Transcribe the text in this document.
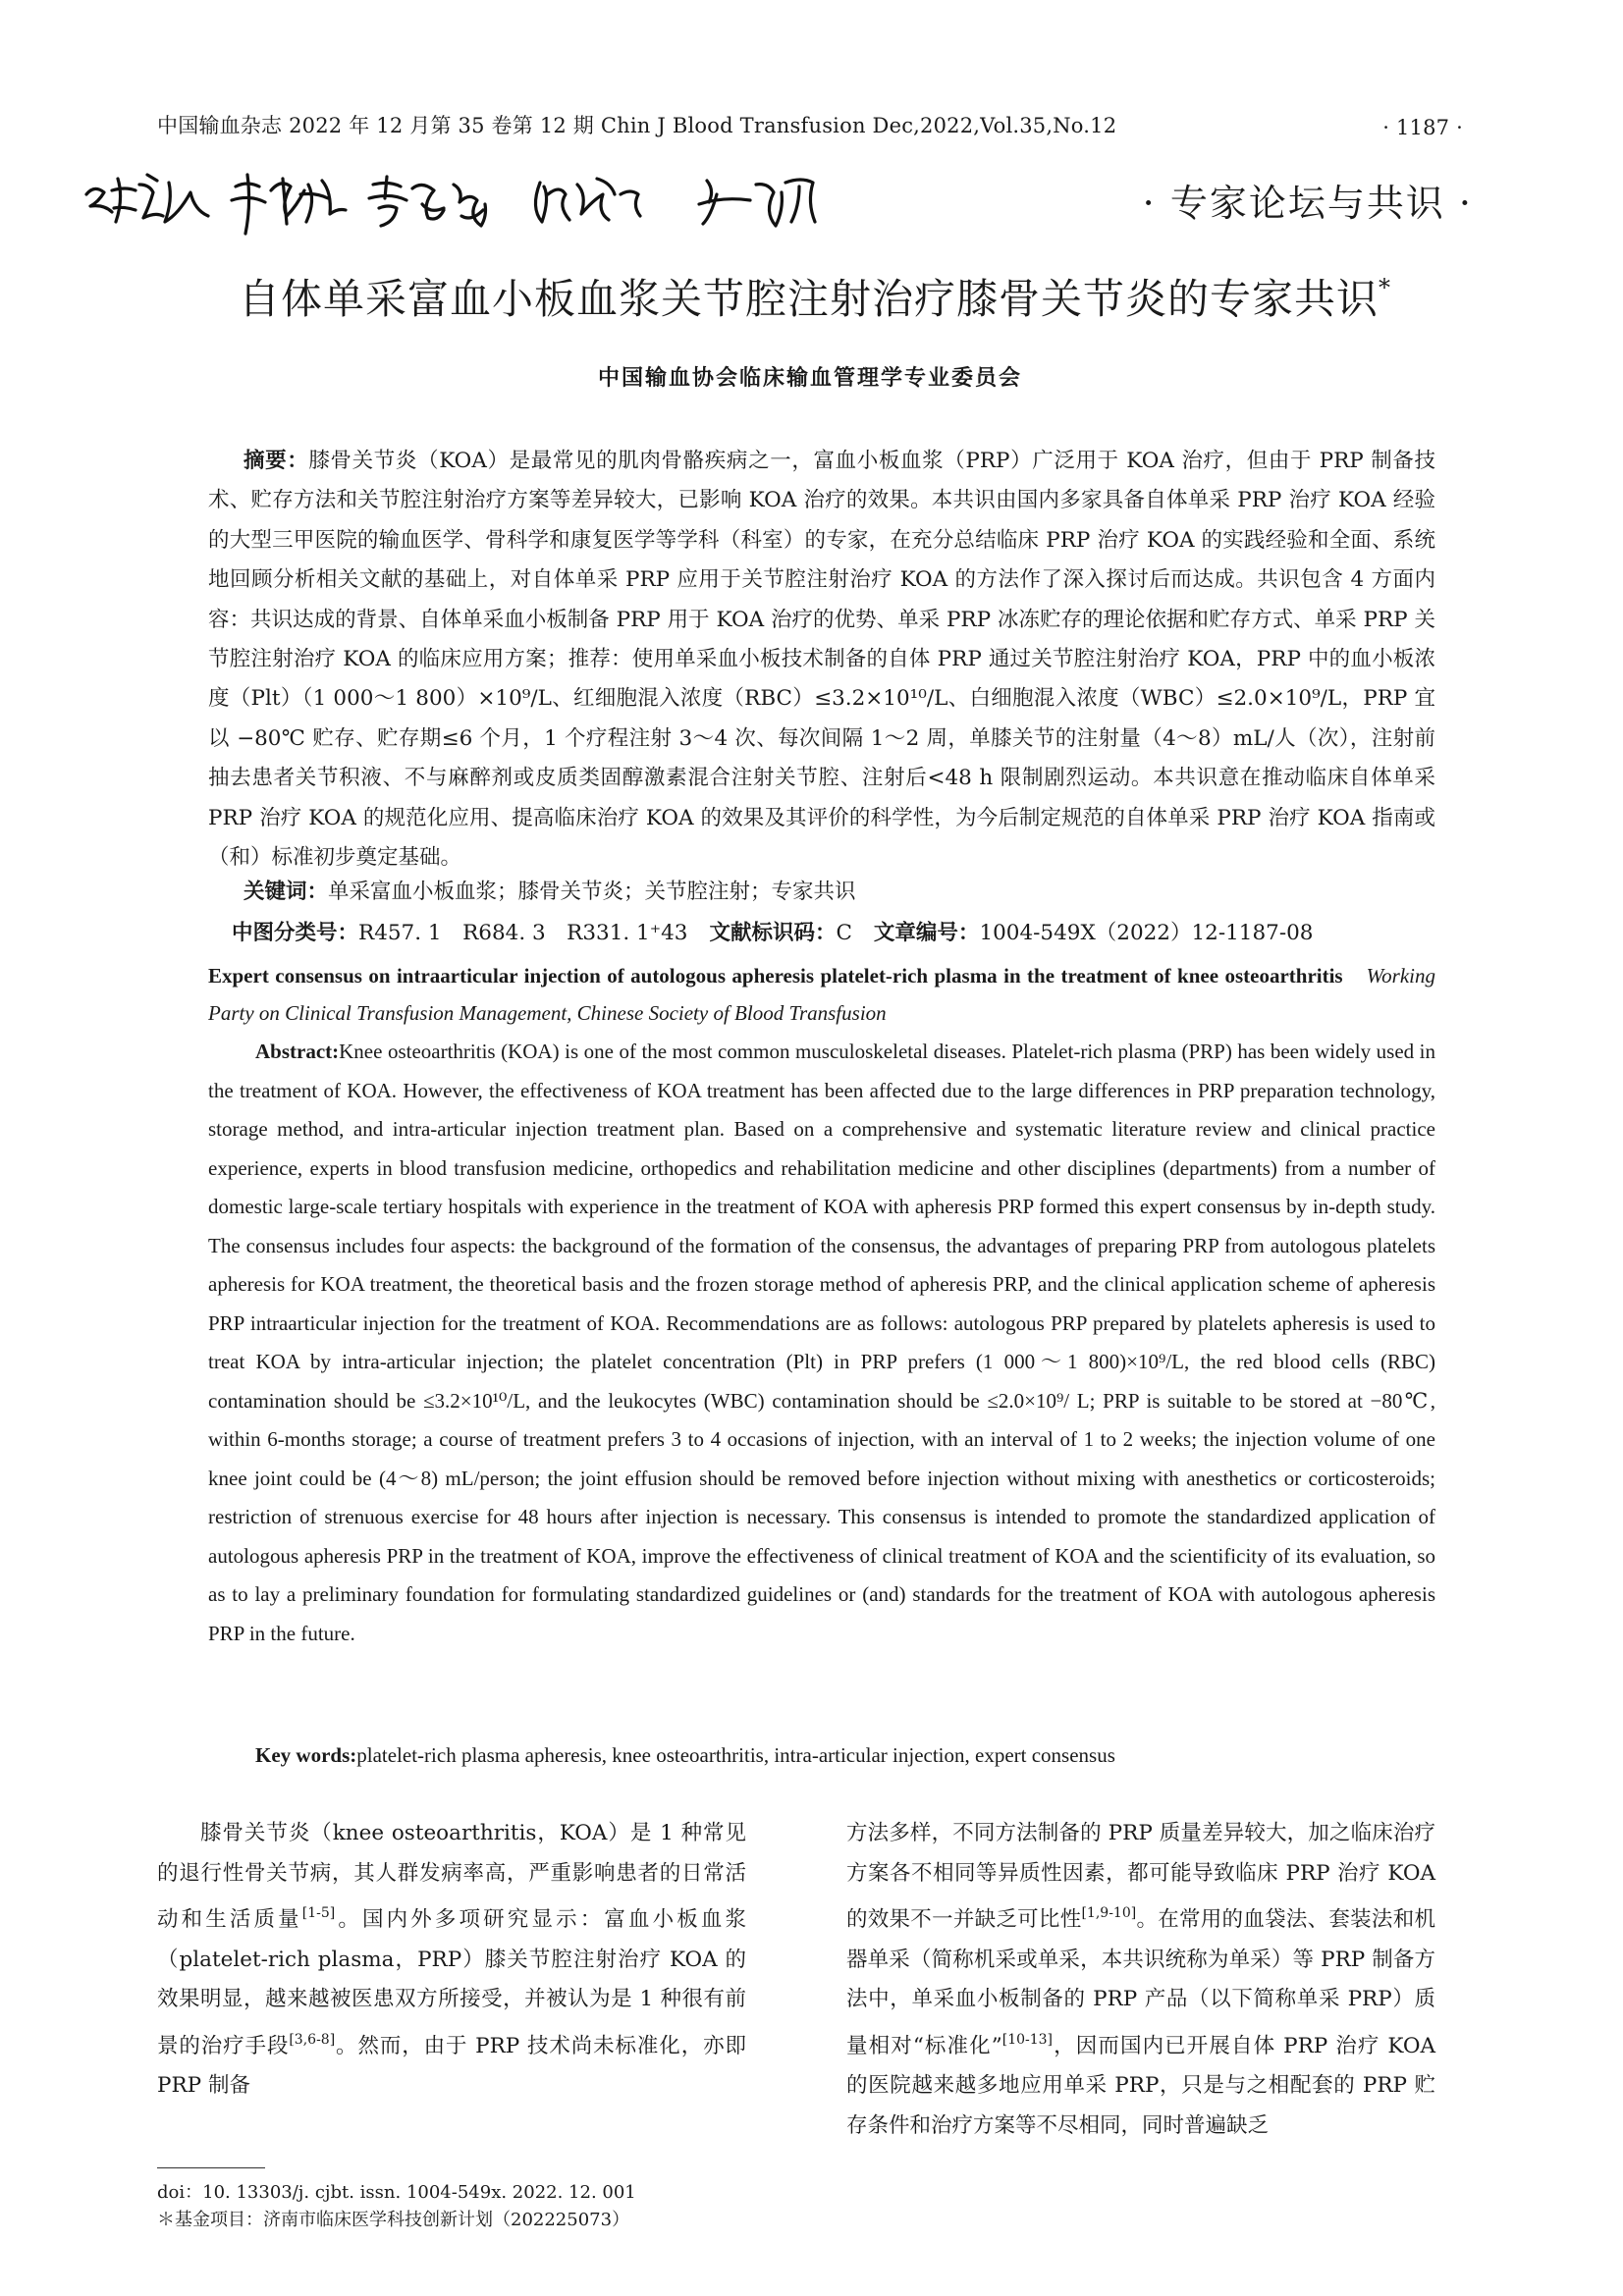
中国输血杂志 2022 年 12 月第 35 卷第 12 期 Chin J Blood Transfusion Dec,2022,Vol.35,No.12	· 1187 ·
· 专家论坛与共识 ·
自体单采富血小板血浆关节腔注射治疗膝骨关节炎的专家共识*
中国输血协会临床输血管理学专业委员会

摘要：膝骨关节炎（KOA）是最常见的肌肉骨骼疾病之一，富血小板血浆（PRP）广泛用于 KOA 治疗，但由于 PRP 制备技术、贮存方法和关节腔注射治疗方案等差异较大，已影响 KOA 治疗的效果。本共识由国内多家具备自体单采 PRP 治疗 KOA 经验的大型三甲医院的输血医学、骨科学和康复医学等学科（科室）的专家，在充分总结临床 PRP 治疗 KOA 的实践经验和全面、系统地回顾分析相关文献的基础上，对自体单采 PRP 应用于关节腔注射治疗 KOA 的方法作了深入探讨后而达成。共识包含 4 方面内容：共识达成的背景、自体单采血小板制备 PRP 用于 KOA 治疗的优势、单采 PRP 冰冻贮存的理论依据和贮存方式、单采 PRP 关节腔注射治疗 KOA 的临床应用方案；推荐：使用单采血小板技术制备的自体 PRP 通过关节腔注射治疗 KOA，PRP 中的血小板浓度（Plt）（1 000～1 800）×10⁹/L、红细胞混入浓度（RBC）≤3.2×10¹⁰/L、白细胞混入浓度（WBC）≤2.0×10⁹/L，PRP 宜以 −80℃ 贮存、贮存期≤6 个月，1 个疗程注射 3～4 次、每次间隔 1～2 周，单膝关节的注射量（4～8）mL/人（次），注射前抽去患者关节积液、不与麻醉剂或皮质类固醇激素混合注射关节腔、注射后<48 h 限制剧烈运动。本共识意在推动临床自体单采 PRP 治疗 KOA 的规范化应用、提高临床治疗 KOA 的效果及其评价的科学性，为今后制定规范的自体单采 PRP 治疗 KOA 指南或（和）标准初步奠定基础。

关键词：单采富血小板血浆；膝骨关节炎；关节腔注射；专家共识
中图分类号：R457. 1　R684. 3　R331. 1⁺43 文献标识码：C 文章编号：1004-549X（2022）12-1187-08

Expert consensus on intraarticular injection of autologous apheresis platelet-rich plasma in the treatment of knee osteoarthritis Working Party on Clinical Transfusion Management, Chinese Society of Blood Transfusion

Abstract:Knee osteoarthritis (KOA) is one of the most common musculoskeletal diseases. Platelet-rich plasma (PRP) has been widely used in the treatment of KOA. However, the effectiveness of KOA treatment has been affected due to the large differences in PRP preparation technology, storage method, and intra-articular injection treatment plan. Based on a comprehensive and systematic literature review and clinical practice experience, experts in blood transfusion medicine, orthopedics and rehabilitation medicine and other disciplines (departments) from a number of domestic large-scale tertiary hospitals with experience in the treatment of KOA with apheresis PRP formed this expert consensus by in-depth study. The consensus includes four aspects: the background of the formation of the consensus, the advantages of preparing PRP from autologous platelets apheresis for KOA treatment, the theoretical basis and the frozen storage method of apheresis PRP, and the clinical application scheme of apheresis PRP intraarticular injection for the treatment of KOA. Recommendations are as follows: autologous PRP prepared by platelets apheresis is used to treat KOA by intra-articular injection; the platelet concentration (Plt) in PRP prefers (1 000～1 800)×10⁹/L, the red blood cells (RBC) contamination should be ≤3.2×10¹⁰/L, and the leukocytes (WBC) contamination should be ≤2.0×10⁹/ L; PRP is suitable to be stored at −80℃, within 6-months storage; a course of treatment prefers 3 to 4 occasions of injection, with an interval of 1 to 2 weeks; the injection volume of one knee joint could be (4～8) mL/person; the joint effusion should be removed before injection without mixing with anesthetics or corticosteroids; restriction of strenuous exercise for 48 hours after injection is necessary. This consensus is intended to promote the standardized application of autologous apheresis PRP in the treatment of KOA, improve the effectiveness of clinical treatment of KOA and the scientificity of its evaluation, so as to lay a preliminary foundation for formulating standardized guidelines or (and) standards for the treatment of KOA with autologous apheresis PRP in the future.

Key words:platelet-rich plasma apheresis, knee osteoarthritis, intra-articular injection, expert consensus

膝骨关节炎（knee osteoarthritis，KOA）是 1 种常见的退行性骨关节病，其人群发病率高，严重影响患者的日常活动和生活质量[1-5]。国内外多项研究显示：富血小板血浆（platelet-rich plasma，PRP）膝关节腔注射治疗 KOA 的效果明显，越来越被医患双方所接受，并被认为是 1 种很有前景的治疗手段[3,6-8]。然而，由于 PRP 技术尚未标准化，亦即 PRP 制备

方法多样，不同方法制备的 PRP 质量差异较大，加之临床治疗方案各不相同等异质性因素，都可能导致临床 PRP 治疗 KOA 的效果不一并缺乏可比性[1,9-10]。在常用的血袋法、套装法和机器单采（简称机采或单采，本共识统称为单采）等 PRP 制备方法中，单采血小板制备的 PRP 产品（以下简称单采 PRP）质量相对“标准化”[10-13]，因而国内已开展自体 PRP 治疗 KOA 的医院越来越多地应用单采 PRP，只是与之相配套的 PRP 贮存条件和治疗方案等不尽相同，同时普遍缺乏

doi：10. 13303/j. cjbt. issn. 1004-549x. 2022. 12. 001
＊基金项目：济南市临床医学科技创新计划（202225073）
